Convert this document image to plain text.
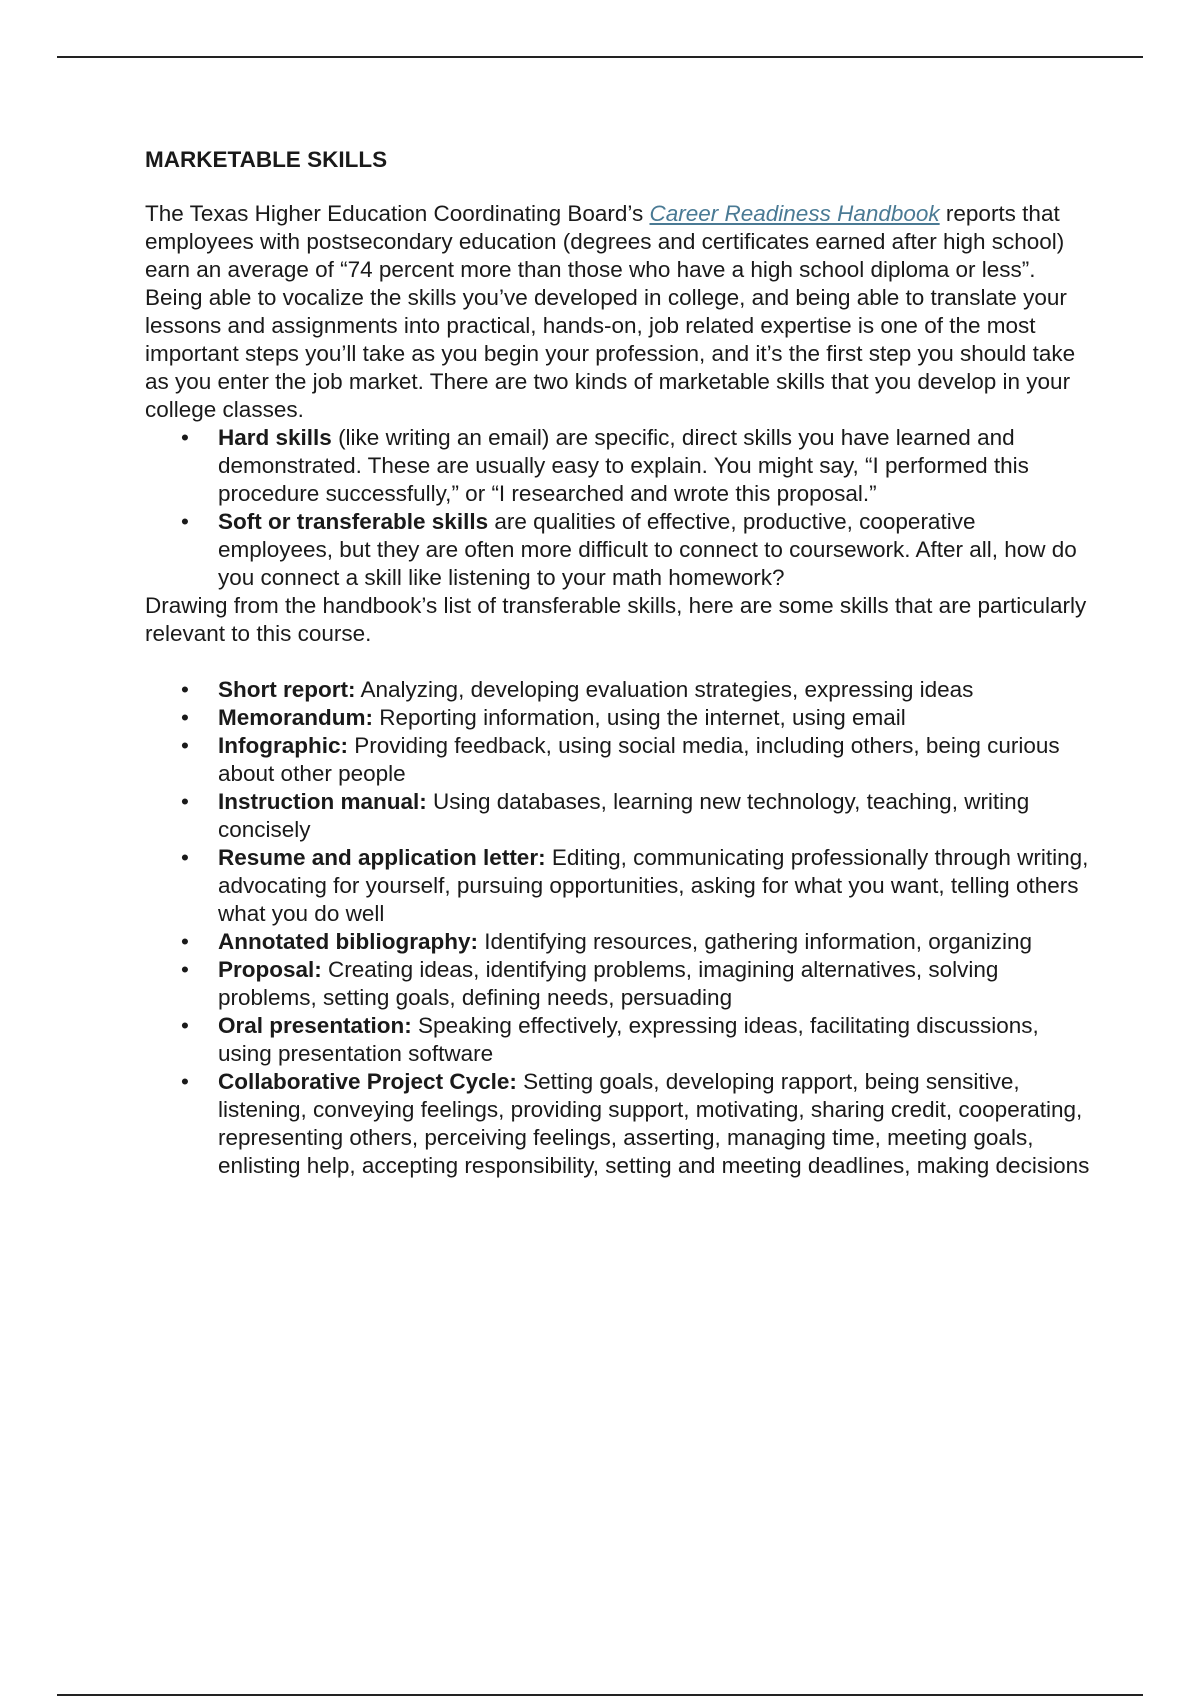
MARKETABLE SKILLS

The Texas Higher Education Coordinating Board’s Career Readiness Handbook reports that employees with postsecondary education (degrees and certificates earned after high school) earn an average of “74 percent more than those who have a high school diploma or less”. Being able to vocalize the skills you’ve developed in college, and being able to translate your lessons and assignments into practical, hands-on, job related expertise is one of the most important steps you’ll take as you begin your profession, and it’s the first step you should take as you enter the job market. There are two kinds of marketable skills that you develop in your college classes.

• Hard skills (like writing an email) are specific, direct skills you have learned and demonstrated. These are usually easy to explain. You might say, “I performed this procedure successfully,” or “I researched and wrote this proposal.”
• Soft or transferable skills are qualities of effective, productive, cooperative employees, but they are often more difficult to connect to coursework. After all, how do you connect a skill like listening to your math homework?

Drawing from the handbook’s list of transferable skills, here are some skills that are particularly relevant to this course.

• Short report: Analyzing, developing evaluation strategies, expressing ideas
• Memorandum: Reporting information, using the internet, using email
• Infographic: Providing feedback, using social media, including others, being curious about other people
• Instruction manual: Using databases, learning new technology, teaching, writing concisely
• Resume and application letter: Editing, communicating professionally through writing, advocating for yourself, pursuing opportunities, asking for what you want, telling others what you do well
• Annotated bibliography: Identifying resources, gathering information, organizing
• Proposal: Creating ideas, identifying problems, imagining alternatives, solving problems, setting goals, defining needs, persuading
• Oral presentation: Speaking effectively, expressing ideas, facilitating discussions, using presentation software
• Collaborative Project Cycle: Setting goals, developing rapport, being sensitive, listening, conveying feelings, providing support, motivating, sharing credit, cooperating, representing others, perceiving feelings, asserting, managing time, meeting goals, enlisting help, accepting responsibility, setting and meeting deadlines, making decisions
